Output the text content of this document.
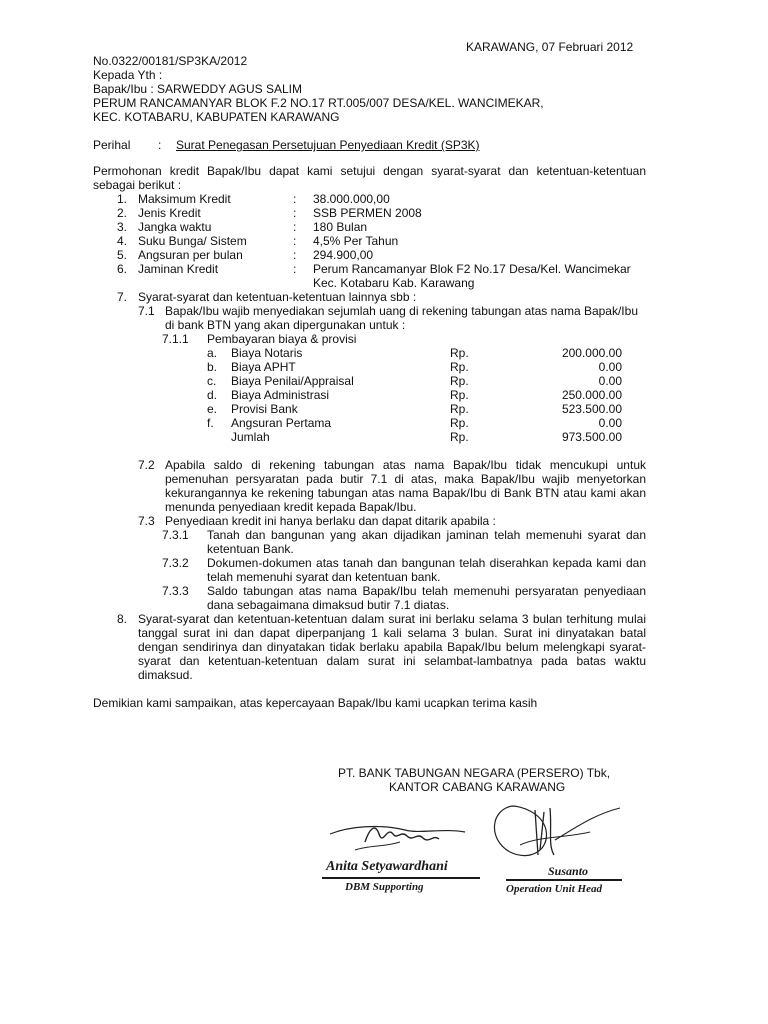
KARAWANG, 07 Februari 2012
No.0322/00181/SP3KA/2012
Kepada Yth :
Bapak/Ibu : SARWEDDY AGUS SALIM
PERUM RANCAMANYAR BLOK F.2 NO.17 RT.005/007 DESA/KEL. WANCIMEKAR,
KEC. KOTABARU, KABUPATEN KARAWANG
Perihal : Surat Penegasan Persetujuan Penyediaan Kredit (SP3K)
Permohonan kredit Bapak/Ibu dapat kami setujui dengan syarat-syarat dan ketentuan-ketentuan sebagai berikut :
1. Maksimum Kredit	: 38.000.000,00
2. Jenis Kredit	: SSB PERMEN 2008
3. Jangka waktu	: 180 Bulan
4. Suku Bunga/ Sistem	: 4,5% Per Tahun
5. Angsuran per bulan	: 294.900,00
6. Jaminan Kredit	: Perum Rancamanyar Blok F2 No.17 Desa/Kel. Wancimekar
Kec. Kotabaru Kab. Karawang
7. Syarat-syarat dan ketentuan-ketentuan lainnya sbb :
7.1 Bapak/Ibu wajib menyediakan sejumlah uang di rekening tabungan atas nama Bapak/Ibu
di bank BTN yang akan dipergunakan untuk :
7.1.1 Pembayaran biaya & provisi
a. Biaya Notaris	Rp.	200.000.00
b. Biaya APHT	Rp.	0.00
c. Biaya Penilai/Appraisal	Rp.	0.00
d. Biaya Administrasi	Rp.	250.000.00
e. Provisi Bank	Rp.	523.500.00
f. Angsuran Pertama	Rp.	0.00
Jumlah	Rp.	973.500.00
7.2 Apabila saldo di rekening tabungan atas nama Bapak/Ibu tidak mencukupi untuk
pemenuhan persyaratan pada butir 7.1 di atas, maka Bapak/Ibu wajib menyetorkan kekurangannya ke rekening tabungan atas nama Bapak/Ibu di Bank BTN atau kami akan menunda penyediaan kredit kepada Bapak/Ibu.
7.3 Penyediaan kredit ini hanya berlaku dan dapat ditarik apabila :
7.3.1 Tanah dan bangunan yang akan dijadikan jaminan telah memenuhi syarat dan ketentuan Bank.
7.3.2 Dokumen-dokumen atas tanah dan bangunan telah diserahkan kepada kami dan telah memenuhi syarat dan ketentuan bank.
7.3.3 Saldo tabungan atas nama Bapak/Ibu telah memenuhi persyaratan penyediaan dana sebagaimana dimaksud butir 7.1 diatas.
8. Syarat-syarat dan ketentuan-ketentuan dalam surat ini berlaku selama 3 bulan terhitung mulai tanggal surat ini dan dapat diperpanjang 1 kali selama 3 bulan. Surat ini dinyatakan batal dengan sendirinya dan dinyatakan tidak berlaku apabila Bapak/Ibu belum melengkapi syarat-syarat dan ketentuan-ketentuan dalam surat ini selambat-lambatnya pada batas waktu dimaksud.
Demikian kami sampaikan, atas kepercayaan Bapak/Ibu kami ucapkan terima kasih
PT. BANK TABUNGAN NEGARA (PERSERO) Tbk,
KANTOR CABANG KARAWANG
Anita Setyawardhani
DBM Supporting
Susanto
Operation Unit Head
